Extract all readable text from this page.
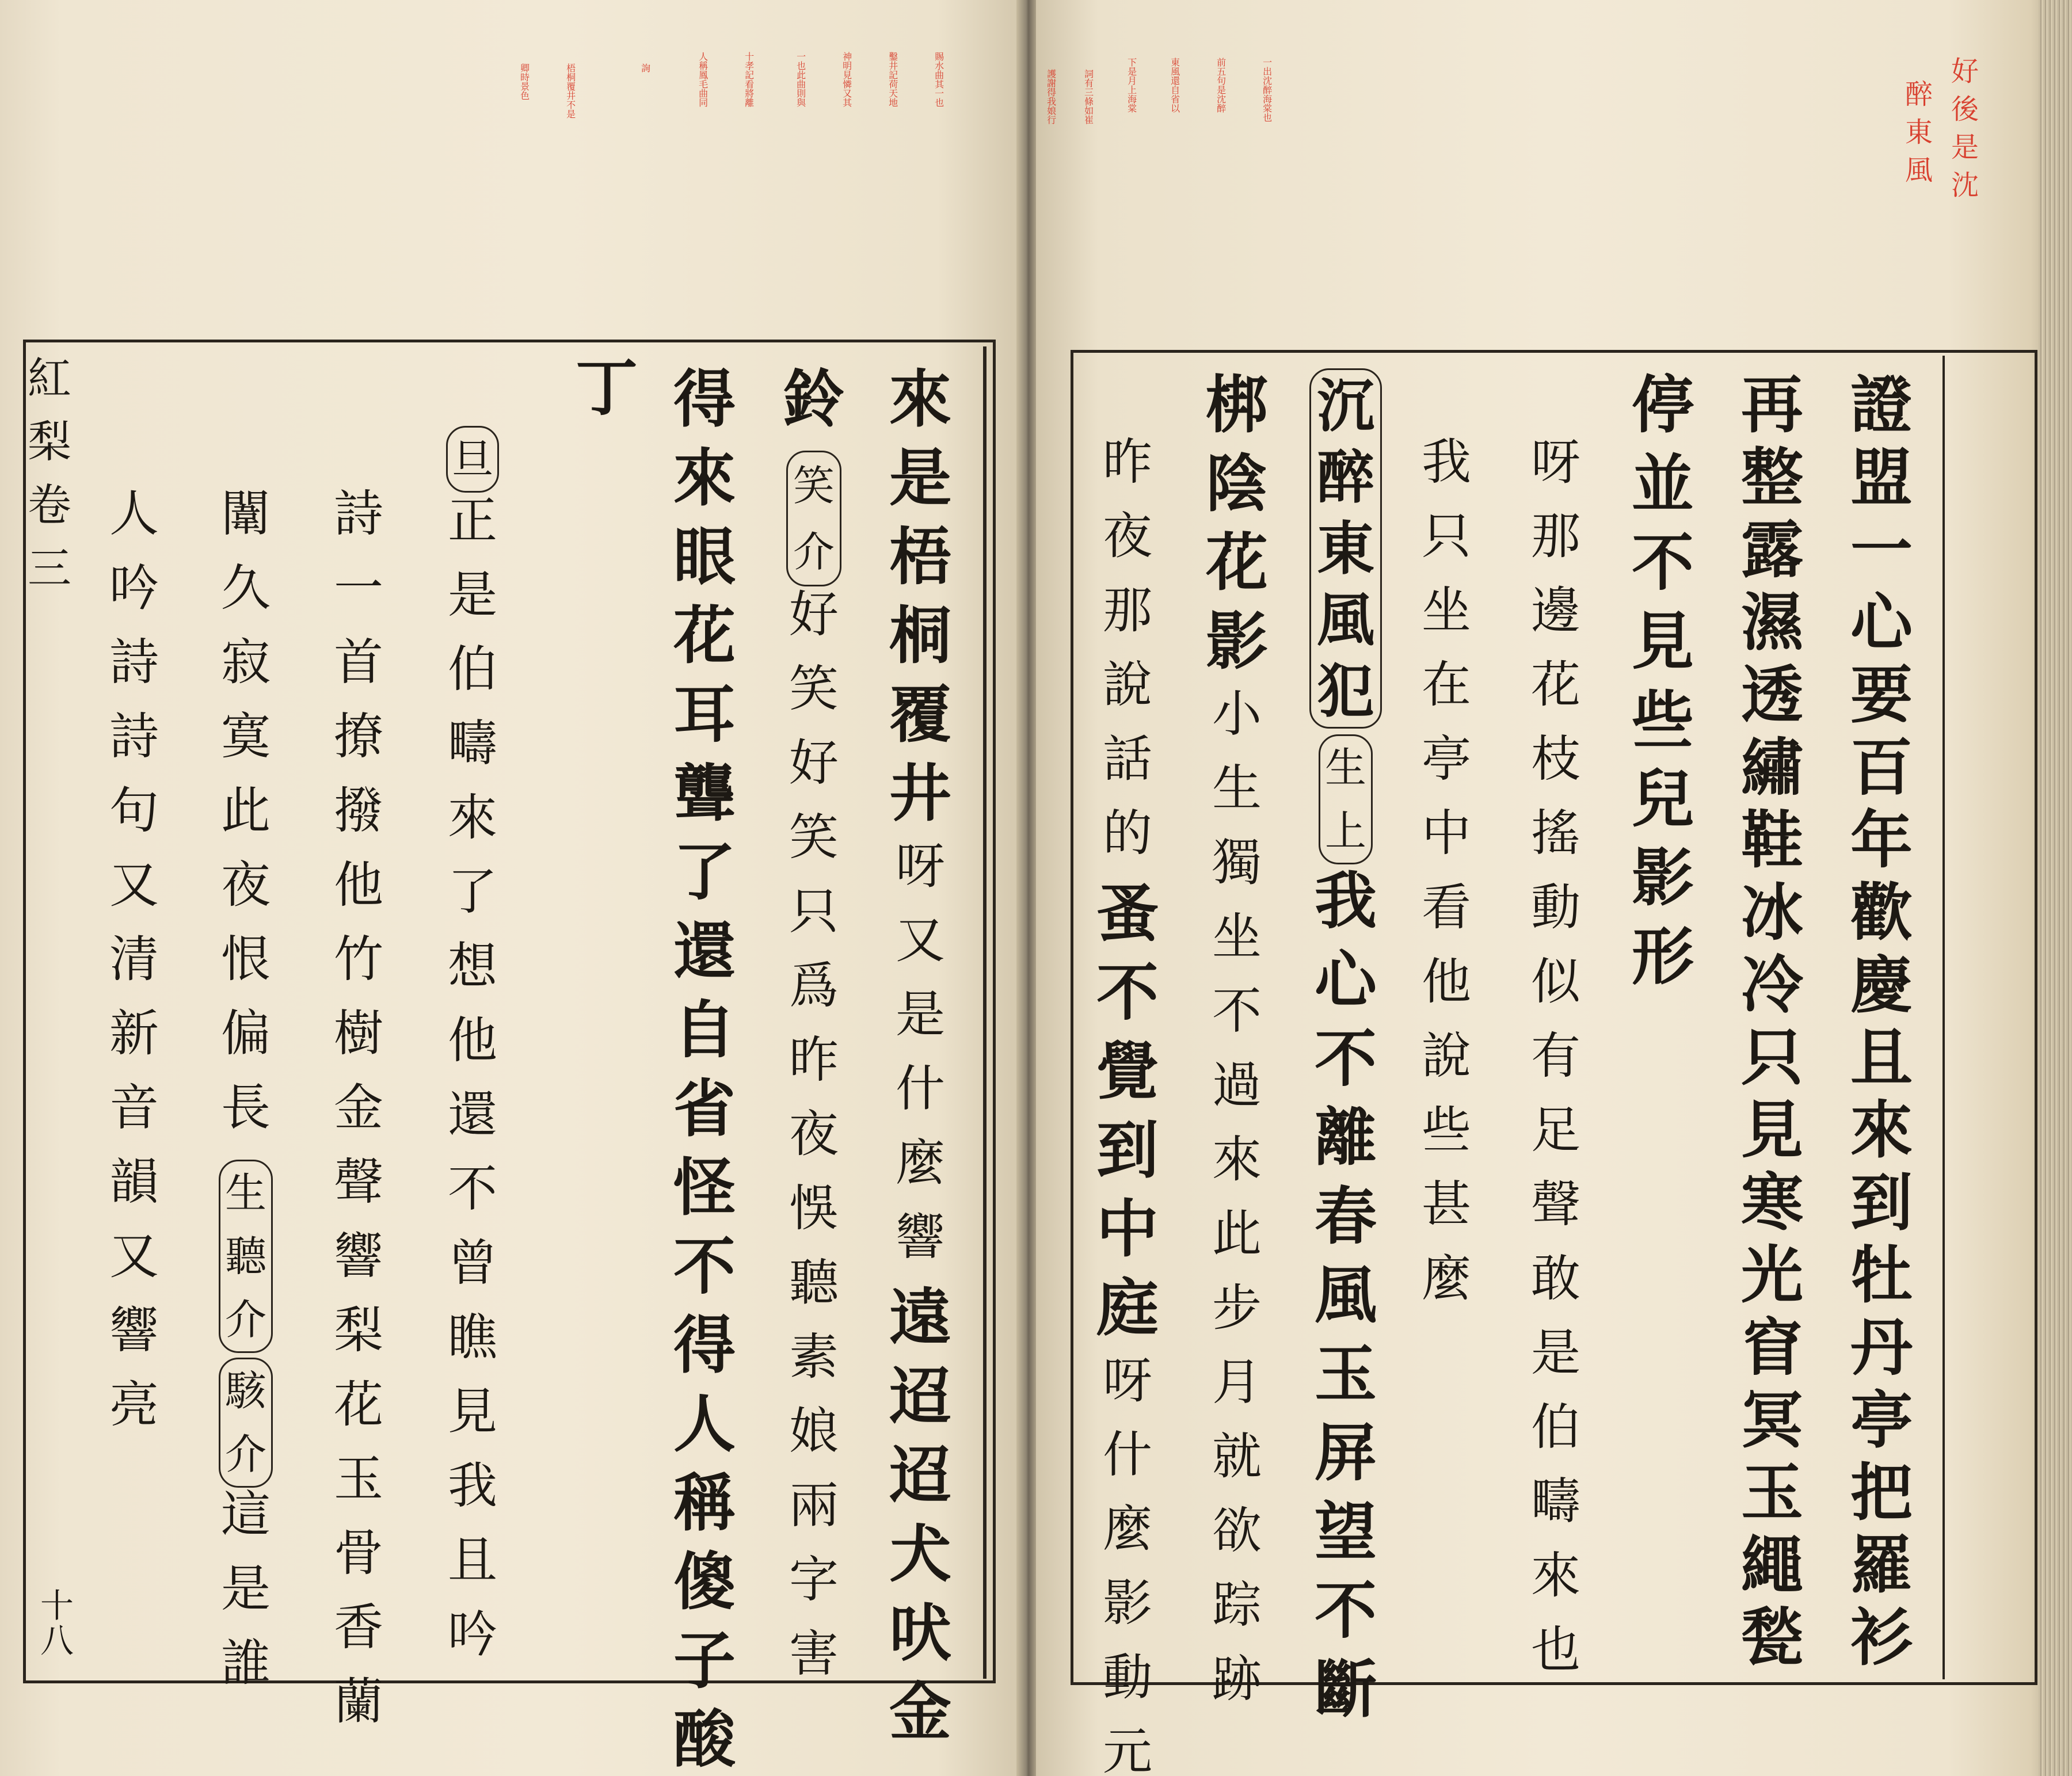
紅
梨
卷
三
十
八
賜水曲其一也
鑿井記荷天地
神明見憐又其
一也此曲則與
十孝記看將離
人稱鳳毛曲同
詢
梧桐覆井不是
卿時景色
來
是
梧
桐
覆
井
呀
又
是
什
麼
響
遠
迢
迢
犬
吠
金
鈴
笑
介
好
笑
好
笑
只
爲
昨
夜
悞
聽
素
娘
兩
字
害
得
來
眼
花
耳
聾
了
還
自
省
怪
不
得
人
稱
傻
子
酸
丁
旦
正
是
伯
疇
來
了
想
他
還
不
曾
瞧
見
我
且
吟
詩
一
首
撩
撥
他
竹
樹
金
聲
響
梨
花
玉
骨
香
蘭
闈
久
寂
寞
此
夜
恨
偏
長
生
聽
介
駭
介
這
是
誰
人
吟
詩
詩
句
又
清
新
音
韻
又
響
亮
好
後
是
沈
醉
東
風
一出沈醉海棠也
前五句是沈醉
東風還自省以
下是月上海棠
詞有三條如崔
護謝得我娘行
證
盟
一
心
要
百
年
歡
慶
且
來
到
牡
丹
亭
把
羅
衫
再
整
露
濕
透
繡
鞋
冰
冷
只
見
寒
光
窅
冥
玉
繩
甃
停
並
不
見
些
兒
影
形
呀
那
邊
花
枝
搖
動
似
有
足
聲
敢
是
伯
疇
來
也
我
只
坐
在
亭
中
看
他
說
些
甚
麼
沉
醉
東
風
犯
生
上
我
心
不
離
春
風
玉
屏
望
不
斷
梆
陰
花
影
小
生
獨
坐
不
過
來
此
步
月
就
欲
踪
跡
昨
夜
那
說
話
的
蚤
不
覺
到
中
庭
呀
什
麼
影
動
元
